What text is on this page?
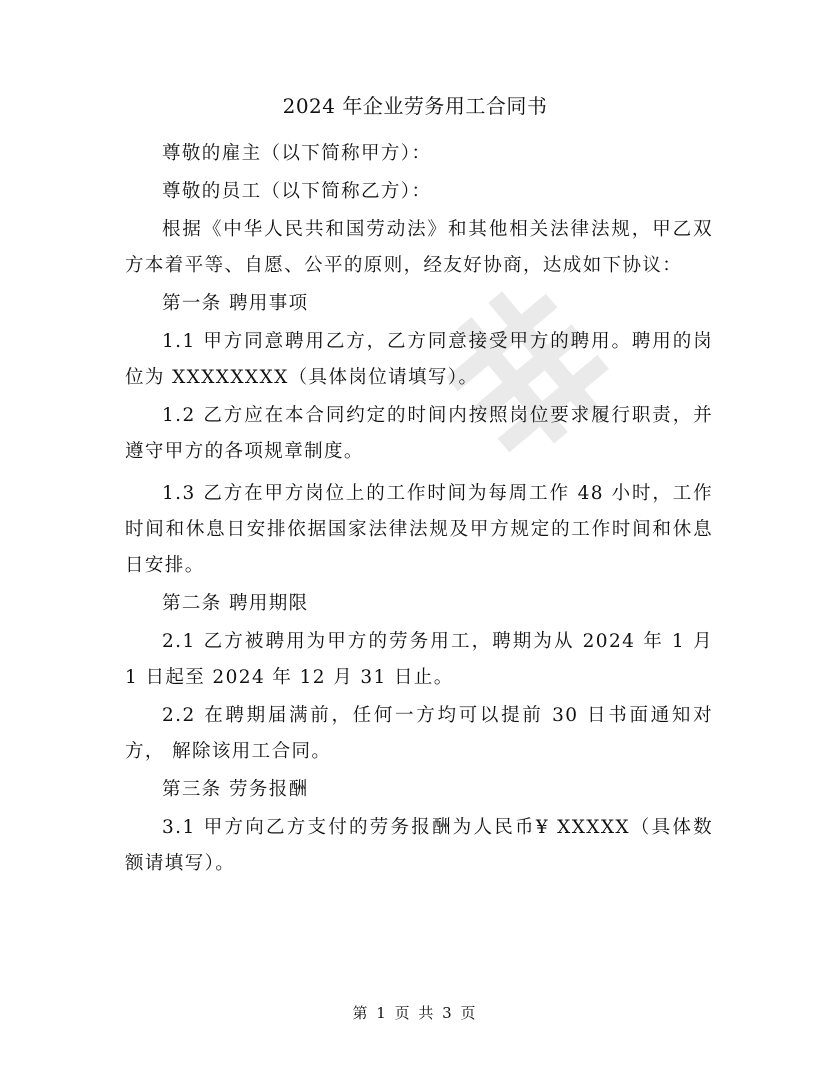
2024 年企业劳务用工合同书

尊敬的雇主（以下简称甲方）：

尊敬的员工（以下简称乙方）：

根据《中华人民共和国劳动法》和其他相关法律法规，甲乙双方本着平等、自愿、公平的原则，经友好协商，达成如下协议：

第一条 聘用事项

1.1 甲方同意聘用乙方，乙方同意接受甲方的聘用。聘用的岗位为 XXXXXXXX（具体岗位请填写）。

1.2 乙方应在本合同约定的时间内按照岗位要求履行职责，并遵守甲方的各项规章制度。

1.3 乙方在甲方岗位上的工作时间为每周工作 48 小时，工作时间和休息日安排依据国家法律法规及甲方规定的工作时间和休息日安排。

第二条 聘用期限

2.1 乙方被聘用为甲方的劳务用工，聘期为从 2024 年 1 月 1 日起至 2024 年 12 月 31 日止。

2.2 在聘期届满前，任何一方均可以提前 30 日书面通知对方， 解除该用工合同。

第三条 劳务报酬

3.1 甲方向乙方支付的劳务报酬为人民币¥ XXXXX（具体数额请填写）。

第 1 页 共 3 页
